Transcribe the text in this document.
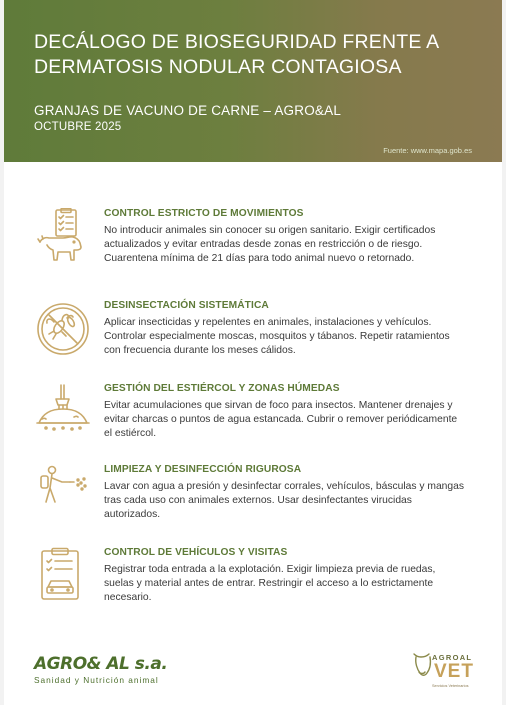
DECÁLOGO DE BIOSEGURIDAD FRENTE A
DERMATOSIS NODULAR CONTAGIOSA
GRANJAS DE VACUNO DE CARNE – AGRO&AL
OCTUBRE 2025
Fuente: www.mapa.gob.es
CONTROL ESTRICTO DE MOVIMIENTOS
No introducir animales sin conocer su origen sanitario. Exigir certificados actualizados y evitar entradas desde zonas en restricción o de riesgo. Cuarentena mínima de 21 días para todo animal nuevo o retornado.
DESINSECTACIÓN SISTEMÁTICA
Aplicar insecticidas y repelentes en animales, instalaciones y vehículos. Controlar especialmente moscas, mosquitos y tábanos. Repetir ratamientos con frecuencia durante los meses cálidos.
GESTIÓN DEL ESTIÉRCOL Y ZONAS HÚMEDAS
Evitar acumulaciones que sirvan de foco para insectos. Mantener drenajes y evitar charcas o puntos de agua estancada. Cubrir o remover periódicamente el estiércol.
LIMPIEZA Y DESINFECCIÓN RIGUROSA
Lavar con agua a presión y desinfectar corrales, vehículos, básculas y mangas tras cada uso con animales externos. Usar desinfectantes virucidas autorizados.
CONTROL DE VEHÍCULOS Y VISITAS
Registrar toda entrada a la explotación. Exigir limpieza previa de ruedas, suelas y material antes de entrar. Restringir el acceso a lo estrictamente necesario.
AGRO& AL s.a.
Sanidad y Nutrición animal
AGROAL
VET
Servicios Veterinarios
